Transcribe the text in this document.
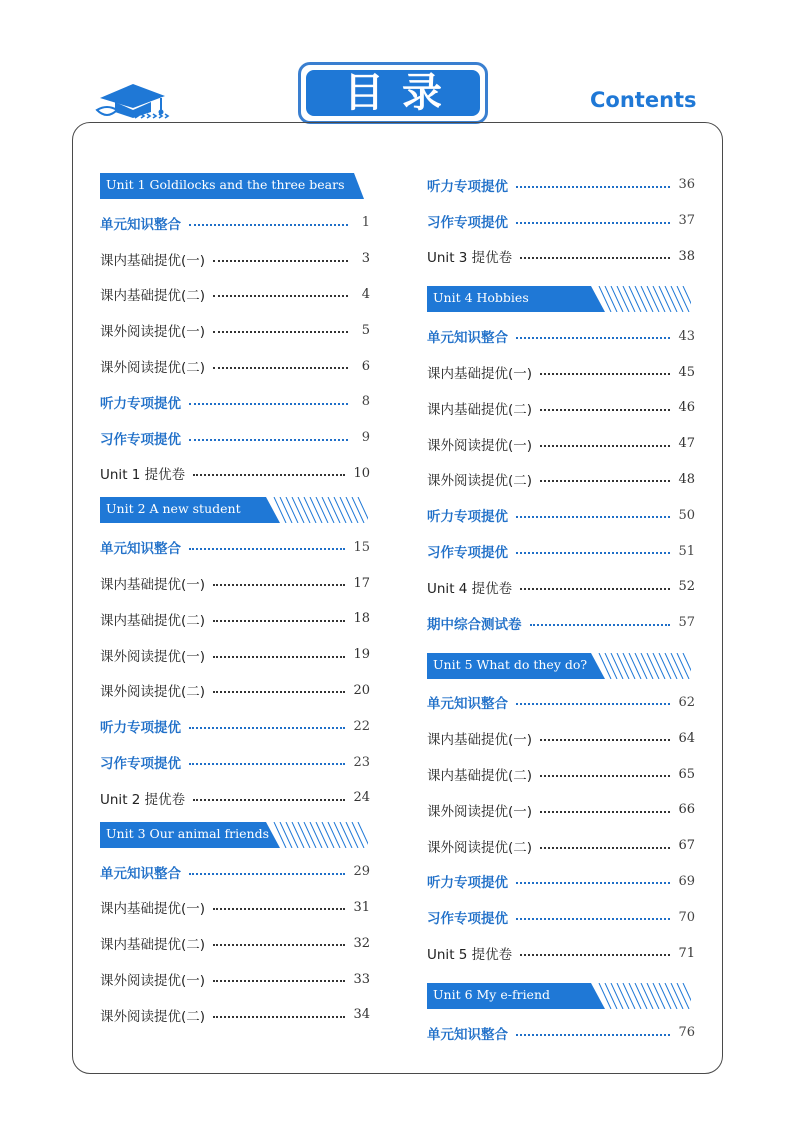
目录	Contents
Unit 1 Goldilocks and the three bears
单元知识整合	1
课内基础提优(一)	3
课内基础提优(二)	4
课外阅读提优(一)	5
课外阅读提优(二)	6
听力专项提优	8
习作专项提优	9
Unit 1 提优卷	10
Unit 2 A new student
单元知识整合	15
课内基础提优(一)	17
课内基础提优(二)	18
课外阅读提优(一)	19
课外阅读提优(二)	20
听力专项提优	22
习作专项提优	23
Unit 2 提优卷	24
Unit 3 Our animal friends
单元知识整合	29
课内基础提优(一)	31
课内基础提优(二)	32
课外阅读提优(一)	33
课外阅读提优(二)	34
听力专项提优	36
习作专项提优	37
Unit 3 提优卷	38
Unit 4 Hobbies
单元知识整合	43
课内基础提优(一)	45
课内基础提优(二)	46
课外阅读提优(一)	47
课外阅读提优(二)	48
听力专项提优	50
习作专项提优	51
Unit 4 提优卷	52
期中综合测试卷	57
Unit 5 What do they do?
单元知识整合	62
课内基础提优(一)	64
课内基础提优(二)	65
课外阅读提优(一)	66
课外阅读提优(二)	67
听力专项提优	69
习作专项提优	70
Unit 5 提优卷	71
Unit 6 My e-friend
单元知识整合	76
